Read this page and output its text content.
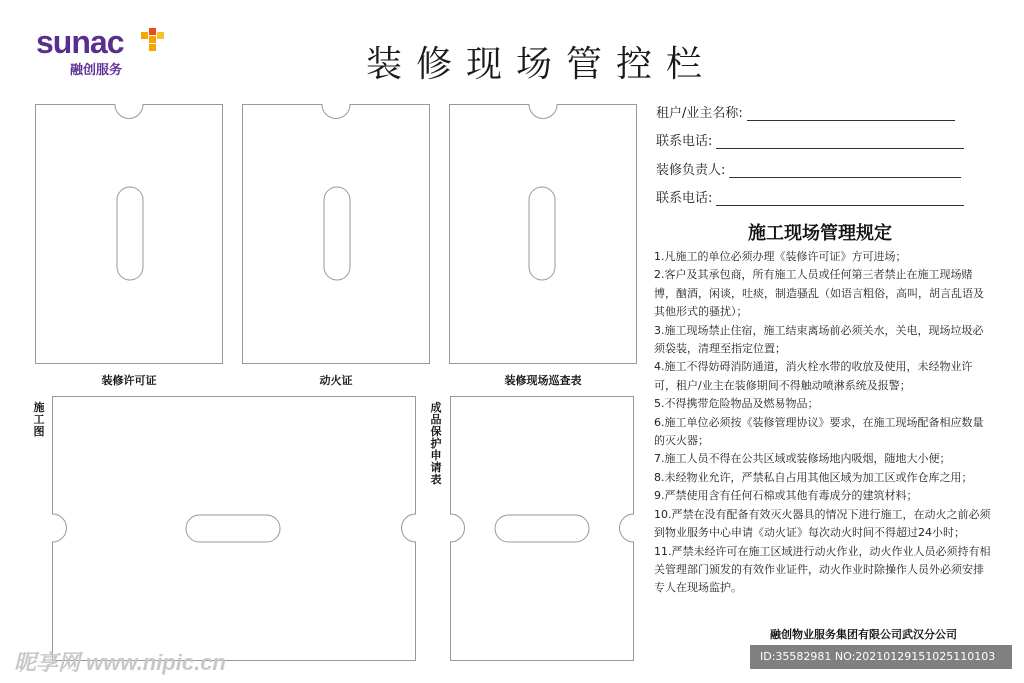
sunac
融创服务	装修现场管控栏
装修许可证	动火证	装修现场巡查表
施工图
成品保护申请表
租户/业主名称:
联系电话:
装修负责人:
联系电话:
施工现场管理规定

1.凡施工的单位必须办理《装修许可证》方可进场；

2.客户及其承包商，所有施工人员或任何第三者禁止在施工现场赌博，酗酒，闲谈，吐痰，制造骚乱（如语言粗俗，高叫，胡言乱语及其他形式的骚扰）；

3.施工现场禁止住宿，施工结束离场前必须关水，关电，现场垃圾必须袋装，清理至指定位置；

4.施工不得妨碍消防通道，消火栓水带的收放及使用，未经物业许可，租户/业主在装修期间不得触动喷淋系统及报警；

5.不得携带危险物品及燃易物品；

6.施工单位必须按《装修管理协议》要求，在施工现场配备相应数量的灭火器；

7.施工人员不得在公共区域或装修场地内吸烟，随地大小便；

8.未经物业允许，严禁私自占用其他区域为加工区或作仓库之用；

9.严禁使用含有任何石棉或其他有毒成分的建筑材料；

10.严禁在没有配备有效灭火器具的情况下进行施工，在动火之前必须到物业服务中心申请《动火证》每次动火时间不得超过24小时；

11.严禁未经许可在施工区域进行动火作业，动火作业人员必须持有相关管理部门颁发的有效作业证件，动火作业时除操作人员外必须安排专人在现场监护。

融创物业服务集团有限公司武汉分公司
昵享网 www.nipic.cn	ID:35582981 NO:20210129151025110103
